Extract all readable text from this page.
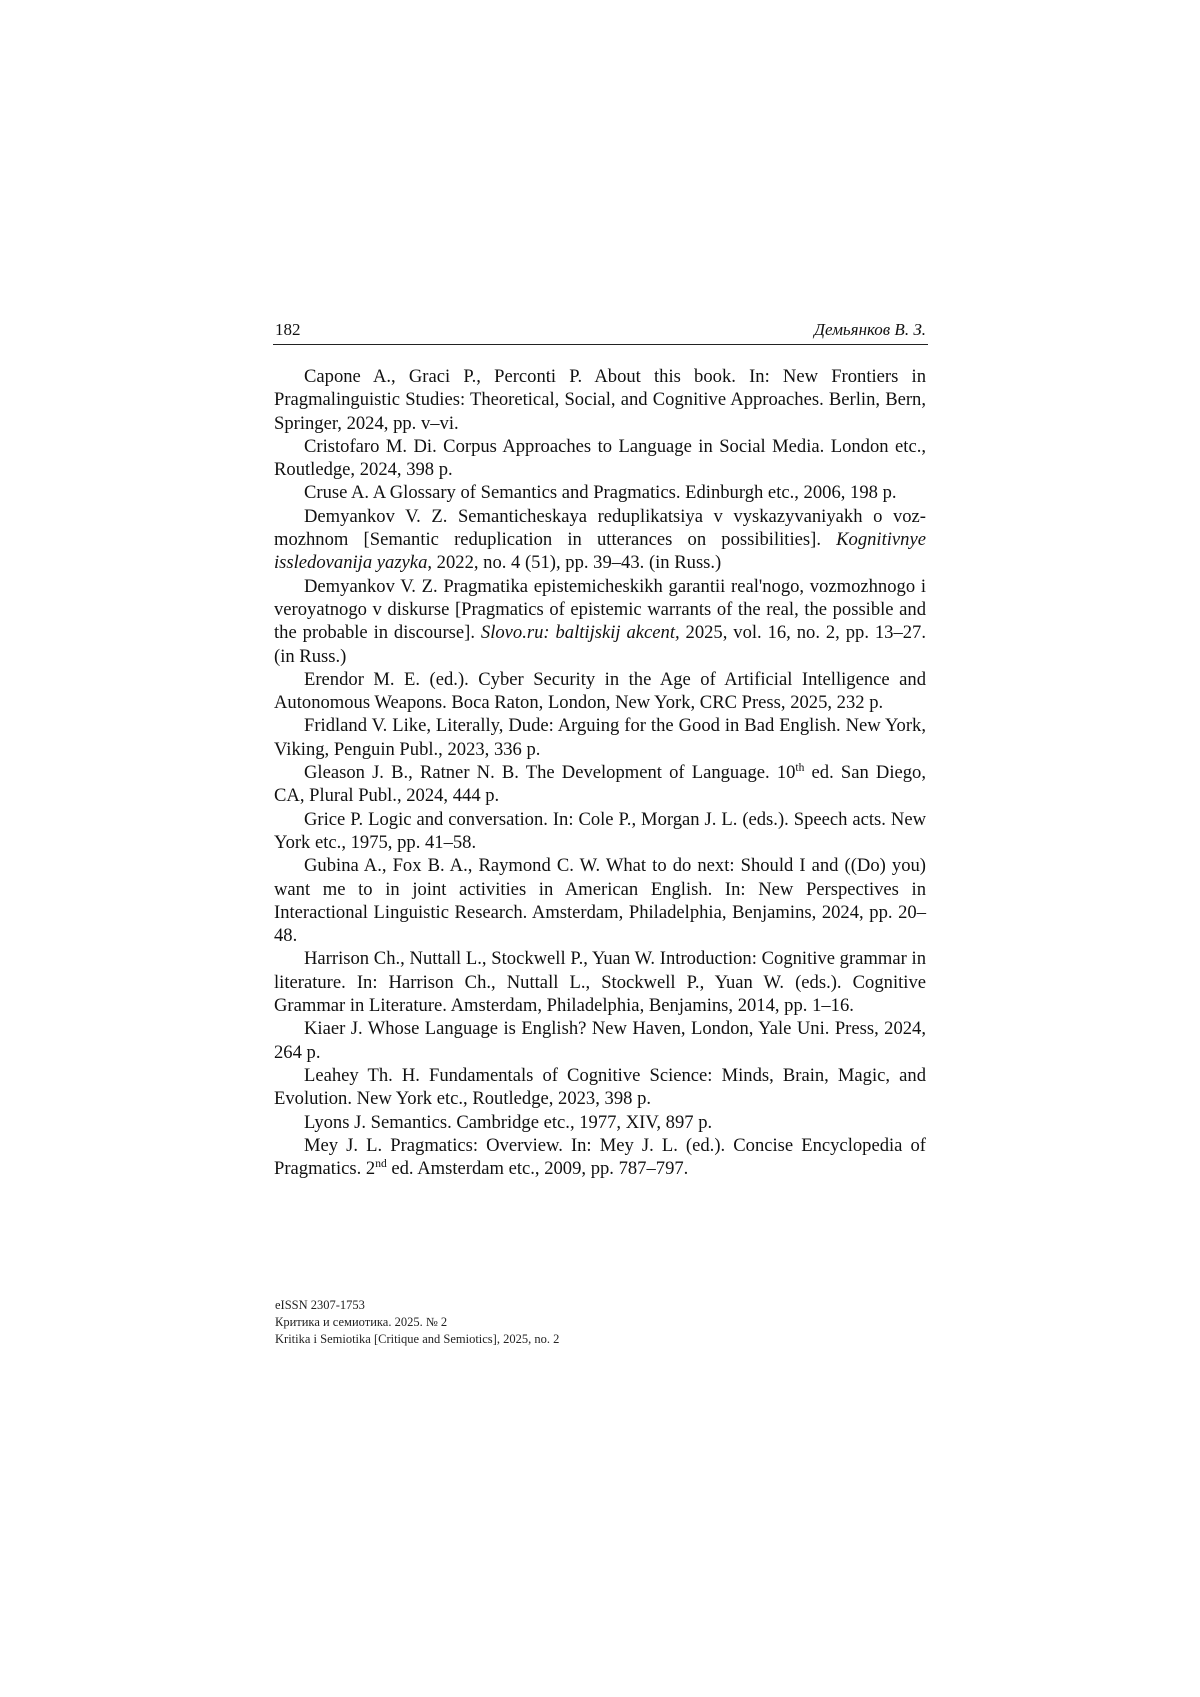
182	Демьянков В. З.

Capone A., Graci P., Perconti P. About this book. In: New Frontiers in Pragmalinguistic Studies: Theoretical, Social, and Cognitive Approaches. Ber­lin, Bern, Springer, 2024, pp. v–vi.

Cristofaro M. Di. Corpus Approaches to Language in Social Media. London etc., Routledge, 2024, 398 p.

Cruse A. A Glossary of Semantics and Pragmatics. Edinburgh etc., 2006, 198 p.

Demyankov V. Z. Semanticheskaya reduplikatsiya v vyskazyvaniyakh o voz­mozhnom [Semantic reduplication in utterances on possibilities]. Kognitivnye issledovanija yazyka, 2022, no. 4 (51), pp. 39–43. (in Russ.)

Demyankov V. Z. Pragmatika epistemicheskikh garantii real'nogo, voz­mozhnogo i veroyatnogo v diskurse [Pragmatics of epistemic warrants of the real, the possible and the probable in discourse]. Slovo.ru: baltijskij akcent, 2025, vol. 16, no. 2, pp. 13–27. (in Russ.)

Erendor M. E. (ed.). Cyber Security in the Age of Artificial Intelligence and Autonomous Weapons. Boca Raton, London, New York, CRC Press, 2025, 232 p.

Fridland V. Like, Literally, Dude: Arguing for the Good in Bad English. New York, Viking, Penguin Publ., 2023, 336 p.

Gleason J. B., Ratner N. B. The Development of Language. 10th ed. San Di­ego, CA, Plural Publ., 2024, 444 p.

Grice P. Logic and conversation. In: Cole P., Morgan J. L. (eds.). Speech acts. New York etc., 1975, pp. 41–58.

Gubina A., Fox B. A., Raymond C. W. What to do next: Should I and ((Do) you) want me to in joint activities in American English. In: New Perspectives in Interactional Linguistic Research. Amsterdam, Philadelphia, Benjamins, 2024, pp. 20–48.

Harrison Ch., Nuttall L., Stockwell P., Yuan W. Introduction: Cognitive grammar in literature. In: Harrison Ch., Nuttall L., Stockwell P., Yuan W. (eds.). Cognitive Grammar in Literature. Amsterdam, Philadelphia, Benjamins, 2014, pp. 1–16.

Kiaer J. Whose Language is English? New Haven, London, Yale Uni. Press, 2024, 264 p.

Leahey Th. H. Fundamentals of Cognitive Science: Minds, Brain, Magic, and Evolution. New York etc., Routledge, 2023, 398 p.

Lyons J. Semantics. Cambridge etc., 1977, XIV, 897 p.

Mey J. L. Pragmatics: Overview. In: Mey J. L. (ed.). Concise Encyclopedia of Pragmatics. 2nd ed. Amsterdam etc., 2009, pp. 787–797.

eISSN 2307-1753
Критика и семиотика. 2025. № 2
Kritika i Semiotika [Critique and Semiotics], 2025, no. 2
